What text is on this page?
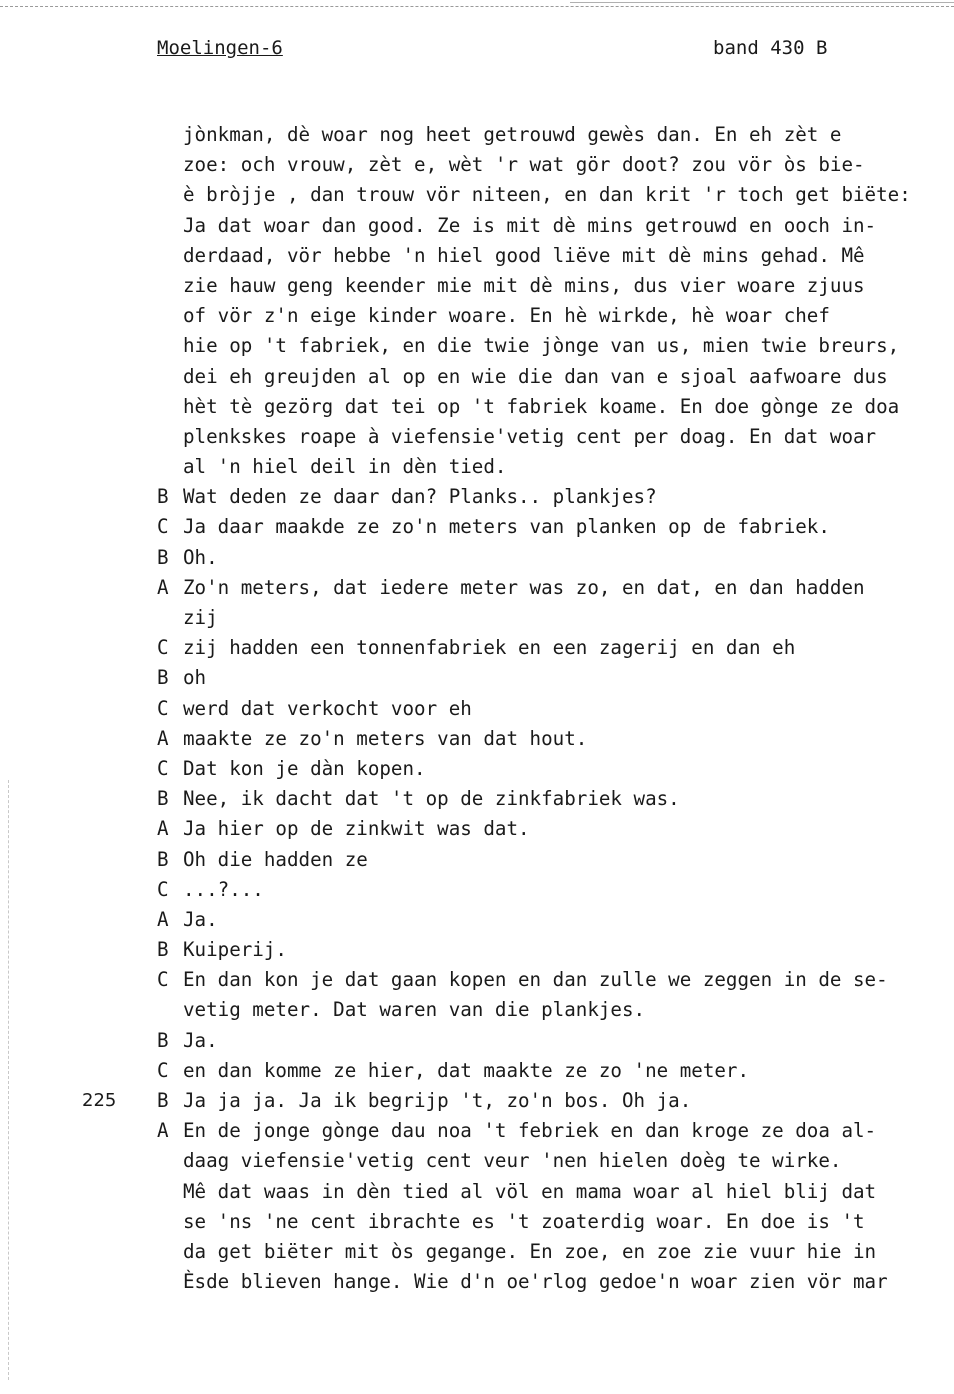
Moelingen-6	band 430 B
jònkman, dè woar nog heet getrouwd gewès dan. En eh zèt e
zoe: och vrouw, zèt e, wèt 'r wat gör doot? zou vör òs bie-
è bròjje , dan trouw vör niteen, en dan krit 'r toch get biëte:
Ja dat woar dan good. Ze is mit dè mins getrouwd en ooch in-
derdaad, vör hebbe 'n hiel good liëve mit dè mins gehad. Mê
zie hauw geng keender mie mit dè mins, dus vier woare zjuus
of vör z'n eige kinder woare. En hè wirkde, hè woar chef
hie op 't fabriek, en die twie jònge van us, mien twie breurs,
dei eh greujden al op en wie die dan van e sjoal aafwoare dus
hèt tè gezörg dat tei op 't fabriek koame. En doe gònge ze doa
plenkskes roape à viefensie'vetig cent per doag. En dat woar
al 'n hiel deil in dèn tied.
B Wat deden ze daar dan? Planks.. plankjes?
C Ja daar maakde ze zo'n meters van planken op de fabriek.
B Oh.
A Zo'n meters, dat iedere meter was zo, en dat, en dan hadden
zij
C zij hadden een tonnenfabriek en een zagerij en dan eh
B oh
C werd dat verkocht voor eh
A maakte ze zo'n meters van dat hout.
C Dat kon je dàn kopen.
B Nee, ik dacht dat 't op de zinkfabriek was.
A Ja hier op de zinkwit was dat.
B Oh die hadden ze
C ...?...
A Ja.
B Kuiperij.
C En dan kon je dat gaan kopen en dan zulle we zeggen in de se-
vetig meter. Dat waren van die plankjes.
B Ja.
C en dan komme ze hier, dat maakte ze zo 'ne meter.
225 B Ja ja ja. Ja ik begrijp 't, zo'n bos. Oh ja.
A En de jonge gònge dau noa 't febriek en dan kroge ze doa al-
daag viefensie'vetig cent veur 'nen hielen doèg te wirke.
Mê dat waas in dèn tied al völ en mama woar al hiel blij dat
se 'ns 'ne cent ibrachte es 't zoaterdig woar. En doe is 't
da get biëter mit òs gegange. En zoe, en zoe zie vuur hie in
Èsde blieven hange. Wie d'n oe'rlog gedoe'n woar zien vör mar
